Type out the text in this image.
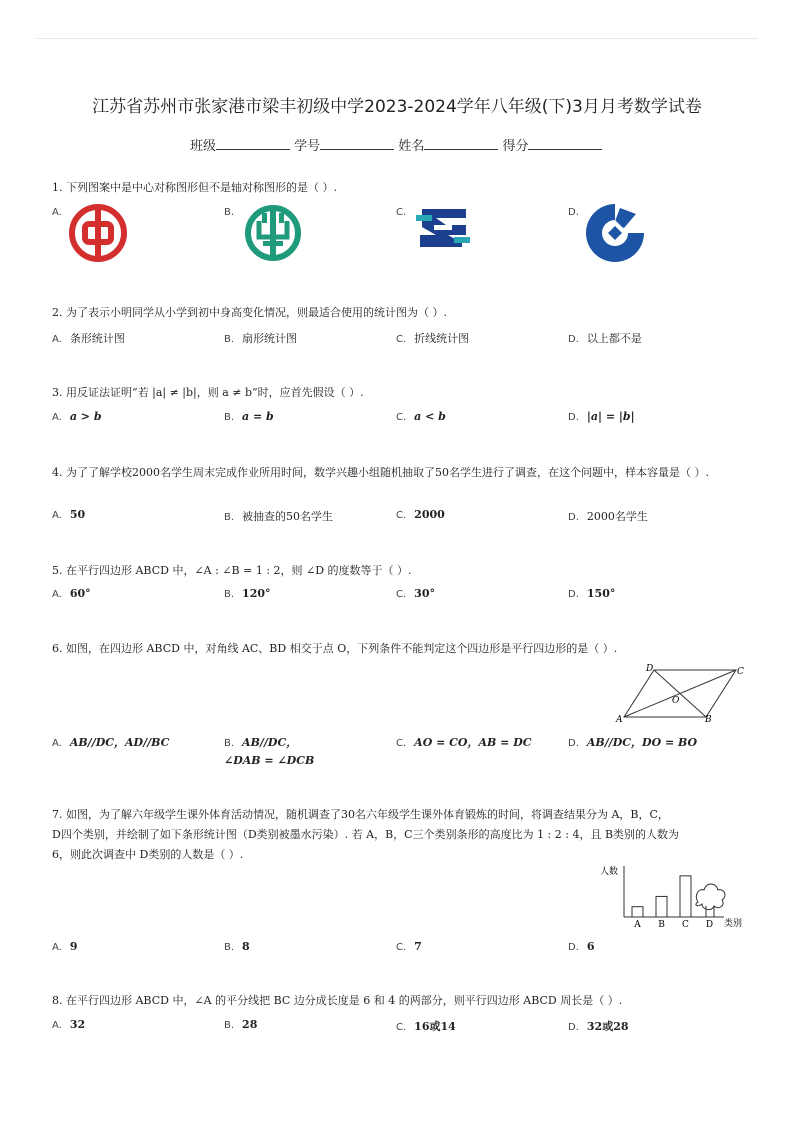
江苏省苏州市张家港市梁丰初级中学2023-2024学年八年级(下)3月月考数学试卷
班级	学号	姓名	得分
1. 下列图案中是中心对称图形但不是轴对称图形的是（ ）.
A.	B.	C.	D.
2. 为了表示小明同学从小学到初中身高变化情况，则最适合使用的统计图为（ ）.
A. 条形统计图	B. 扇形统计图	C. 折线统计图	D. 以上都不是
3. 用反证法证明“若 |a| ≠ |b|，则 a ≠ b”时，应首先假设（ ）.
A. a > b	B. a = b	C. a < b	D. |a| = |b|
4. 为了了解学校2000名学生周末完成作业所用时间，数学兴趣小组随机抽取了50名学生进行了调查，在这个问题中，样本容量是（ ）.
A. 50	B. 被抽查的50名学生	C. 2000	D. 2000名学生
5. 在平行四边形 ABCD 中，∠A : ∠B = 1 : 2，则 ∠D 的度数等于（ ）.
A. 60°	B. 120°	C. 30°	D. 150°
6. 如图，在四边形 ABCD 中，对角线 AC、BD 相交于点 O，下列条件不能判定这个四边形是平行四边形的是（ ）.
D	C
O
A	B
A. AB//DC，AD//BC	B. AB//DC，
∠DAB = ∠DCB
C. AO = CO，AB = DC	D. AB//DC，DO = BO
7. 如图，为了解六年级学生课外体育活动情况，随机调查了30名六年级学生课外体育锻炼的时间，将调查结果分为 A，B，C，
D四个类别，并绘制了如下条形统计图（D类别被墨水污染）. 若 A，B，C三个类别条形的高度比为 1 : 2 : 4，且 B类别的人数为
6，则此次调查中 D类别的人数是（ ）.
人数
类别
A B C D
A. 9	B. 8	C. 7	D. 6
8. 在平行四边形 ABCD 中，∠A 的平分线把 BC 边分成长度是 6 和 4 的两部分，则平行四边形 ABCD 周长是（ ）.
A. 32	B. 28	C. 16或14	D. 32或28
